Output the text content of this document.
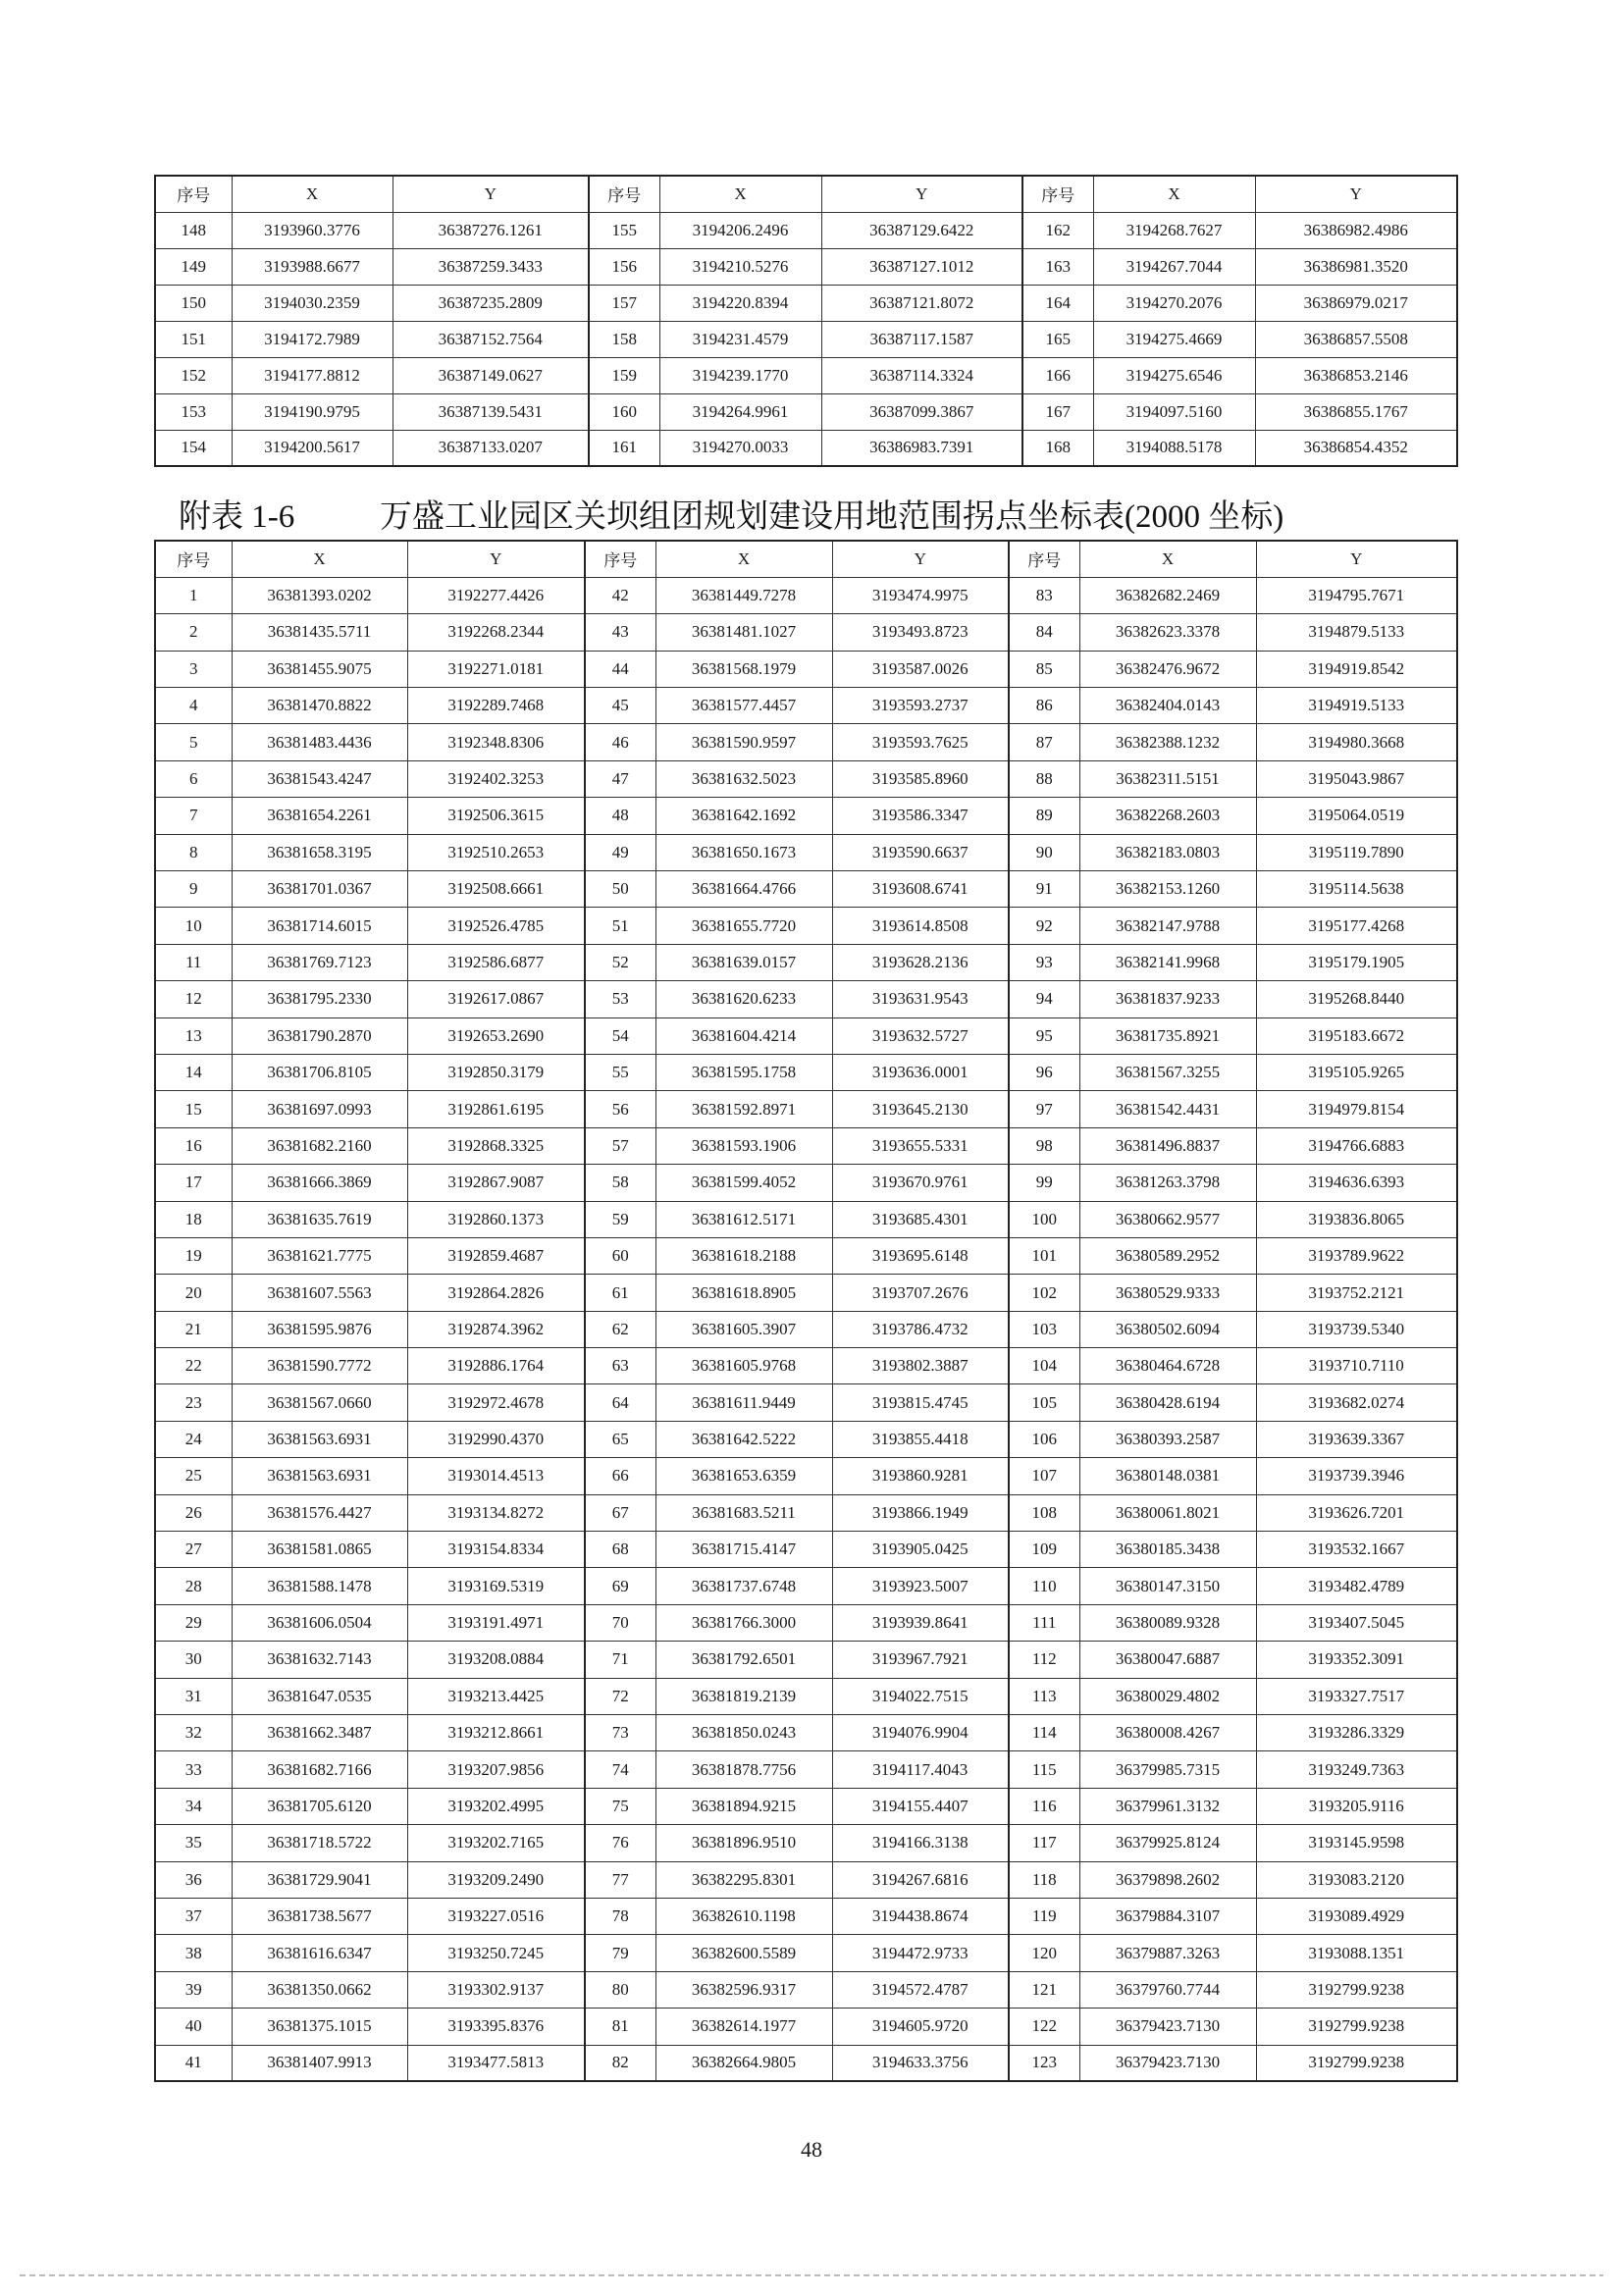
序号	X	Y	序号	X	Y	序号	X	Y
148	3193960.3776	36387276.1261	155	3194206.2496	36387129.6422	162	3194268.7627	36386982.4986
149	3193988.6677	36387259.3433	156	3194210.5276	36387127.1012	163	3194267.7044	36386981.3520
150	3194030.2359	36387235.2809	157	3194220.8394	36387121.8072	164	3194270.2076	36386979.0217
151	3194172.7989	36387152.7564	158	3194231.4579	36387117.1587	165	3194275.4669	36386857.5508
152	3194177.8812	36387149.0627	159	3194239.1770	36387114.3324	166	3194275.6546	36386853.2146
153	3194190.9795	36387139.5431	160	3194264.9961	36387099.3867	167	3194097.5160	36386855.1767
154	3194200.5617	36387133.0207	161	3194270.0033	36386983.7391	168	3194088.5178	36386854.4352
附表 1-6	万盛工业园区关坝组团规划建设用地范围拐点坐标表(2000 坐标)
序号	X	Y	序号	X	Y	序号	X	Y
1	36381393.0202	3192277.4426	42	36381449.7278	3193474.9975	83	36382682.2469	3194795.7671
2	36381435.5711	3192268.2344	43	36381481.1027	3193493.8723	84	36382623.3378	3194879.5133
3	36381455.9075	3192271.0181	44	36381568.1979	3193587.0026	85	36382476.9672	3194919.8542
4	36381470.8822	3192289.7468	45	36381577.4457	3193593.2737	86	36382404.0143	3194919.5133
5	36381483.4436	3192348.8306	46	36381590.9597	3193593.7625	87	36382388.1232	3194980.3668
6	36381543.4247	3192402.3253	47	36381632.5023	3193585.8960	88	36382311.5151	3195043.9867
7	36381654.2261	3192506.3615	48	36381642.1692	3193586.3347	89	36382268.2603	3195064.0519
8	36381658.3195	3192510.2653	49	36381650.1673	3193590.6637	90	36382183.0803	3195119.7890
9	36381701.0367	3192508.6661	50	36381664.4766	3193608.6741	91	36382153.1260	3195114.5638
10	36381714.6015	3192526.4785	51	36381655.7720	3193614.8508	92	36382147.9788	3195177.4268
11	36381769.7123	3192586.6877	52	36381639.0157	3193628.2136	93	36382141.9968	3195179.1905
12	36381795.2330	3192617.0867	53	36381620.6233	3193631.9543	94	36381837.9233	3195268.8440
13	36381790.2870	3192653.2690	54	36381604.4214	3193632.5727	95	36381735.8921	3195183.6672
14	36381706.8105	3192850.3179	55	36381595.1758	3193636.0001	96	36381567.3255	3195105.9265
15	36381697.0993	3192861.6195	56	36381592.8971	3193645.2130	97	36381542.4431	3194979.8154
16	36381682.2160	3192868.3325	57	36381593.1906	3193655.5331	98	36381496.8837	3194766.6883
17	36381666.3869	3192867.9087	58	36381599.4052	3193670.9761	99	36381263.3798	3194636.6393
18	36381635.7619	3192860.1373	59	36381612.5171	3193685.4301	100	36380662.9577	3193836.8065
19	36381621.7775	3192859.4687	60	36381618.2188	3193695.6148	101	36380589.2952	3193789.9622
20	36381607.5563	3192864.2826	61	36381618.8905	3193707.2676	102	36380529.9333	3193752.2121
21	36381595.9876	3192874.3962	62	36381605.3907	3193786.4732	103	36380502.6094	3193739.5340
22	36381590.7772	3192886.1764	63	36381605.9768	3193802.3887	104	36380464.6728	3193710.7110
23	36381567.0660	3192972.4678	64	36381611.9449	3193815.4745	105	36380428.6194	3193682.0274
24	36381563.6931	3192990.4370	65	36381642.5222	3193855.4418	106	36380393.2587	3193639.3367
25	36381563.6931	3193014.4513	66	36381653.6359	3193860.9281	107	36380148.0381	3193739.3946
26	36381576.4427	3193134.8272	67	36381683.5211	3193866.1949	108	36380061.8021	3193626.7201
27	36381581.0865	3193154.8334	68	36381715.4147	3193905.0425	109	36380185.3438	3193532.1667
28	36381588.1478	3193169.5319	69	36381737.6748	3193923.5007	110	36380147.3150	3193482.4789
29	36381606.0504	3193191.4971	70	36381766.3000	3193939.8641	111	36380089.9328	3193407.5045
30	36381632.7143	3193208.0884	71	36381792.6501	3193967.7921	112	36380047.6887	3193352.3091
31	36381647.0535	3193213.4425	72	36381819.2139	3194022.7515	113	36380029.4802	3193327.7517
32	36381662.3487	3193212.8661	73	36381850.0243	3194076.9904	114	36380008.4267	3193286.3329
33	36381682.7166	3193207.9856	74	36381878.7756	3194117.4043	115	36379985.7315	3193249.7363
34	36381705.6120	3193202.4995	75	36381894.9215	3194155.4407	116	36379961.3132	3193205.9116
35	36381718.5722	3193202.7165	76	36381896.9510	3194166.3138	117	36379925.8124	3193145.9598
36	36381729.9041	3193209.2490	77	36382295.8301	3194267.6816	118	36379898.2602	3193083.2120
37	36381738.5677	3193227.0516	78	36382610.1198	3194438.8674	119	36379884.3107	3193089.4929
38	36381616.6347	3193250.7245	79	36382600.5589	3194472.9733	120	36379887.3263	3193088.1351
39	36381350.0662	3193302.9137	80	36382596.9317	3194572.4787	121	36379760.7744	3192799.9238
40	36381375.1015	3193395.8376	81	36382614.1977	3194605.9720	122	36379423.7130	3192799.9238
41	36381407.9913	3193477.5813	82	36382664.9805	3194633.3756	123	36379423.7130	3192799.9238
48
